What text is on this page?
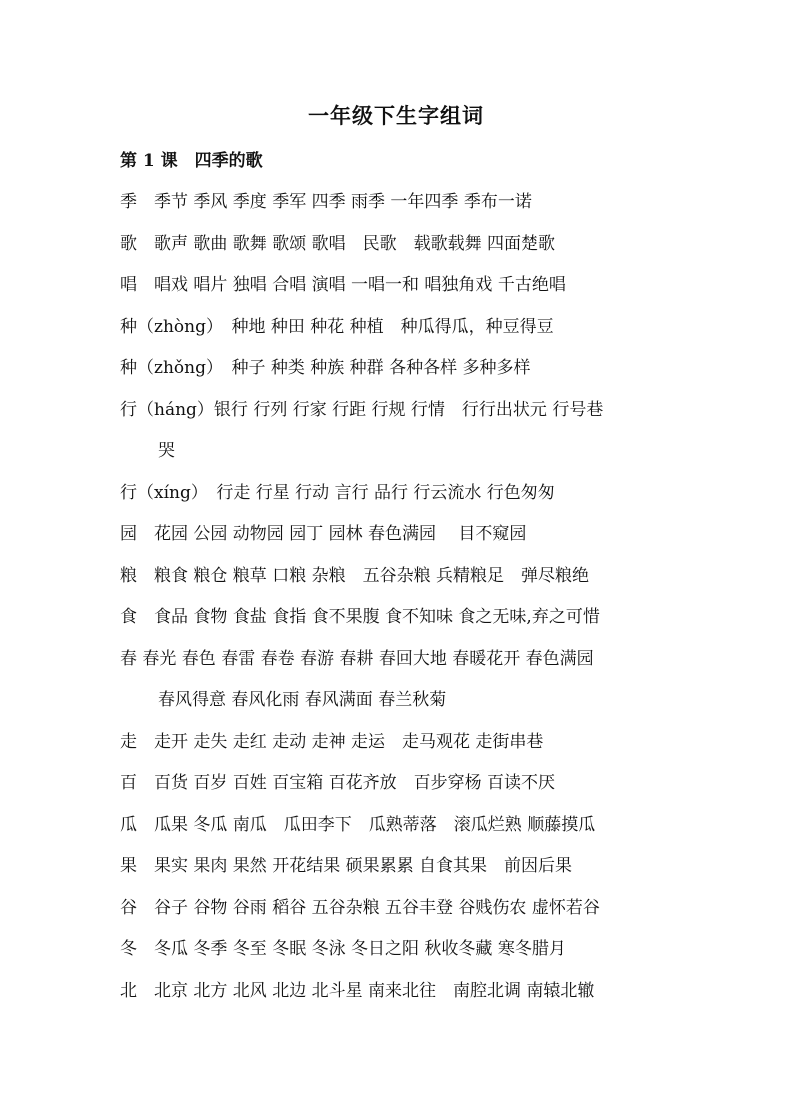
一年级下生字组词
第 1 课　四季的歌
季　季节 季风 季度 季军 四季 雨季 一年四季 季布一诺
歌　歌声 歌曲 歌舞 歌颂 歌唱　民歌　载歌载舞 四面楚歌
唱　唱戏 唱片 独唱 合唱 演唱 一唱一和 唱独角戏 千古绝唱
种（zhòng）　种地 种田 种花 种植　种瓜得瓜，种豆得豆
种（zhǒng）　种子 种类 种族 种群 各种各样 多种多样
行（háng）银行 行列 行家 行距 行规 行情　行行出状元 行号巷
哭
行（xíng）　行走 行星 行动 言行 品行 行云流水 行色匆匆
园　花园 公园 动物园 园丁 园林 春色满园　 目不窥园
粮　粮食 粮仓 粮草 口粮 杂粮　五谷杂粮 兵精粮足　弹尽粮绝
食　食品 食物 食盐 食指 食不果腹 食不知味 食之无味,弃之可惜
春 春光 春色 春雷 春卷 春游 春耕 春回大地 春暖花开 春色满园
春风得意 春风化雨 春风满面 春兰秋菊
走　走开 走失 走红 走动 走神 走运　走马观花 走街串巷
百　百货 百岁 百姓 百宝箱 百花齐放　百步穿杨 百读不厌
瓜　瓜果 冬瓜 南瓜　瓜田李下　瓜熟蒂落　滚瓜烂熟 顺藤摸瓜
果　果实 果肉 果然 开花结果 硕果累累 自食其果　前因后果
谷　谷子 谷物 谷雨 稻谷 五谷杂粮 五谷丰登 谷贱伤农 虚怀若谷
冬　冬瓜 冬季 冬至 冬眠 冬泳 冬日之阳 秋收冬藏 寒冬腊月
北　北京 北方 北风 北边 北斗星 南来北往　南腔北调 南辕北辙
